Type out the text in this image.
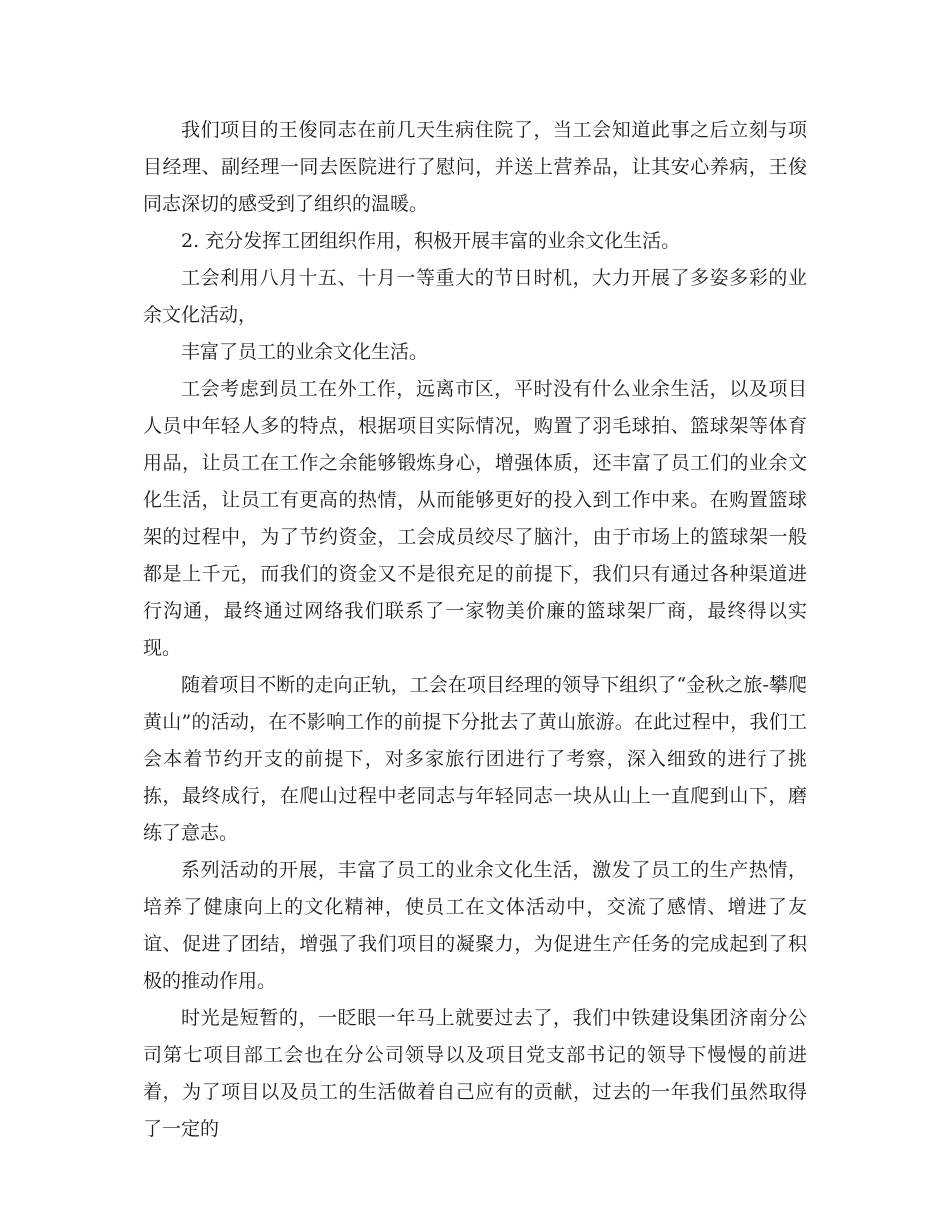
我们项目的王俊同志在前几天生病住院了，当工会知道此事之后立刻与项目经理、副经理一同去医院进行了慰问，并送上营养品，让其安心养病，王俊同志深切的感受到了组织的温暖。

2. 充分发挥工团组织作用，积极开展丰富的业余文化生活。

工会利用八月十五、十月一等重大的节日时机，大力开展了多姿多彩的业余文化活动，

丰富了员工的业余文化生活。

工会考虑到员工在外工作，远离市区，平时没有什么业余生活，以及项目人员中年轻人多的特点，根据项目实际情况，购置了羽毛球拍、篮球架等体育用品，让员工在工作之余能够锻炼身心，增强体质，还丰富了员工们的业余文化生活，让员工有更高的热情，从而能够更好的投入到工作中来。在购置篮球架的过程中，为了节约资金，工会成员绞尽了脑汁，由于市场上的篮球架一般都是上千元，而我们的资金又不是很充足的前提下，我们只有通过各种渠道进行沟通，最终通过网络我们联系了一家物美价廉的篮球架厂商，最终得以实现。

随着项目不断的走向正轨，工会在项目经理的领导下组织了“金秋之旅-攀爬黄山”的活动，在不影响工作的前提下分批去了黄山旅游。在此过程中，我们工会本着节约开支的前提下，对多家旅行团进行了考察，深入细致的进行了挑拣，最终成行，在爬山过程中老同志与年轻同志一块从山上一直爬到山下，磨练了意志。

系列活动的开展，丰富了员工的业余文化生活，激发了员工的生产热情，培养了健康向上的文化精神，使员工在文体活动中，交流了感情、增进了友谊、促进了团结，增强了我们项目的凝聚力，为促进生产任务的完成起到了积极的推动作用。

时光是短暂的，一眨眼一年马上就要过去了，我们中铁建设集团济南分公司第七项目部工会也在分公司领导以及项目党支部书记的领导下慢慢的前进着，为了项目以及员工的生活做着自己应有的贡献，过去的一年我们虽然取得了一定的
